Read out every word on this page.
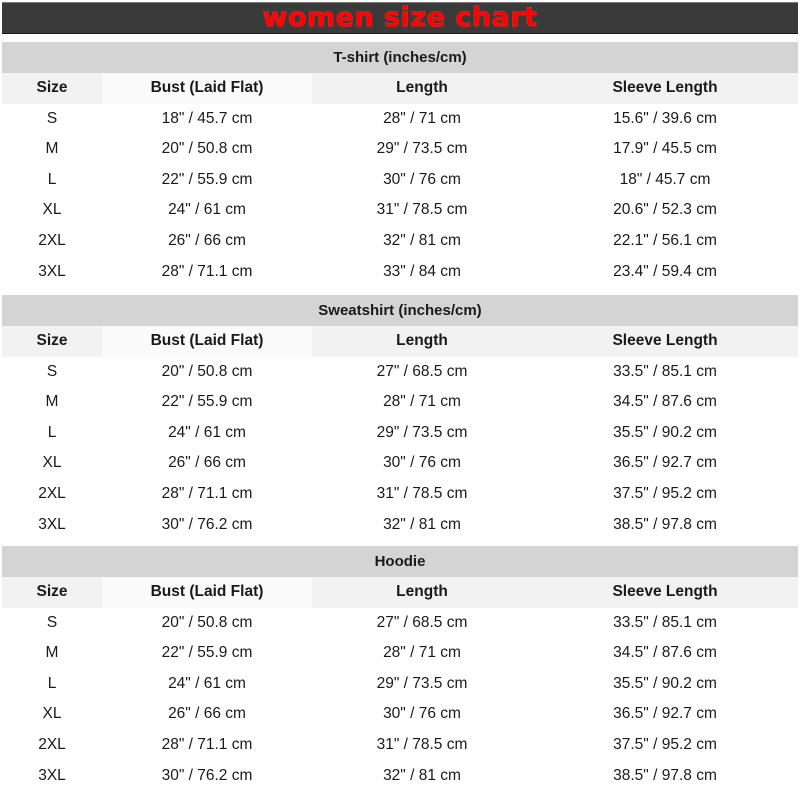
women size chart
T-shirt (inches/cm)
Size	Bust (Laid Flat)	Length	Sleeve Length
S	18" / 45.7 cm	28" / 71 cm	15.6" / 39.6 cm
M	20" / 50.8 cm	29" / 73.5 cm	17.9" / 45.5 cm
L	22" / 55.9 cm	30" / 76 cm	18" / 45.7 cm
XL	24" / 61 cm	31" / 78.5 cm	20.6" / 52.3 cm
2XL	26" / 66 cm	32" / 81 cm	22.1" / 56.1 cm
3XL	28" / 71.1 cm	33" / 84 cm	23.4" / 59.4 cm
Sweatshirt (inches/cm)
Size	Bust (Laid Flat)	Length	Sleeve Length
S	20" / 50.8 cm	27" / 68.5 cm	33.5" / 85.1 cm
M	22" / 55.9 cm	28" / 71 cm	34.5" / 87.6 cm
L	24" / 61 cm	29" / 73.5 cm	35.5" / 90.2 cm
XL	26" / 66 cm	30" / 76 cm	36.5" / 92.7 cm
2XL	28" / 71.1 cm	31" / 78.5 cm	37.5" / 95.2 cm
3XL	30" / 76.2 cm	32" / 81 cm	38.5" / 97.8 cm
Hoodie
Size	Bust (Laid Flat)	Length	Sleeve Length
S	20" / 50.8 cm	27" / 68.5 cm	33.5" / 85.1 cm
M	22" / 55.9 cm	28" / 71 cm	34.5" / 87.6 cm
L	24" / 61 cm	29" / 73.5 cm	35.5" / 90.2 cm
XL	26" / 66 cm	30" / 76 cm	36.5" / 92.7 cm
2XL	28" / 71.1 cm	31" / 78.5 cm	37.5" / 95.2 cm
3XL	30" / 76.2 cm	32" / 81 cm	38.5" / 97.8 cm
